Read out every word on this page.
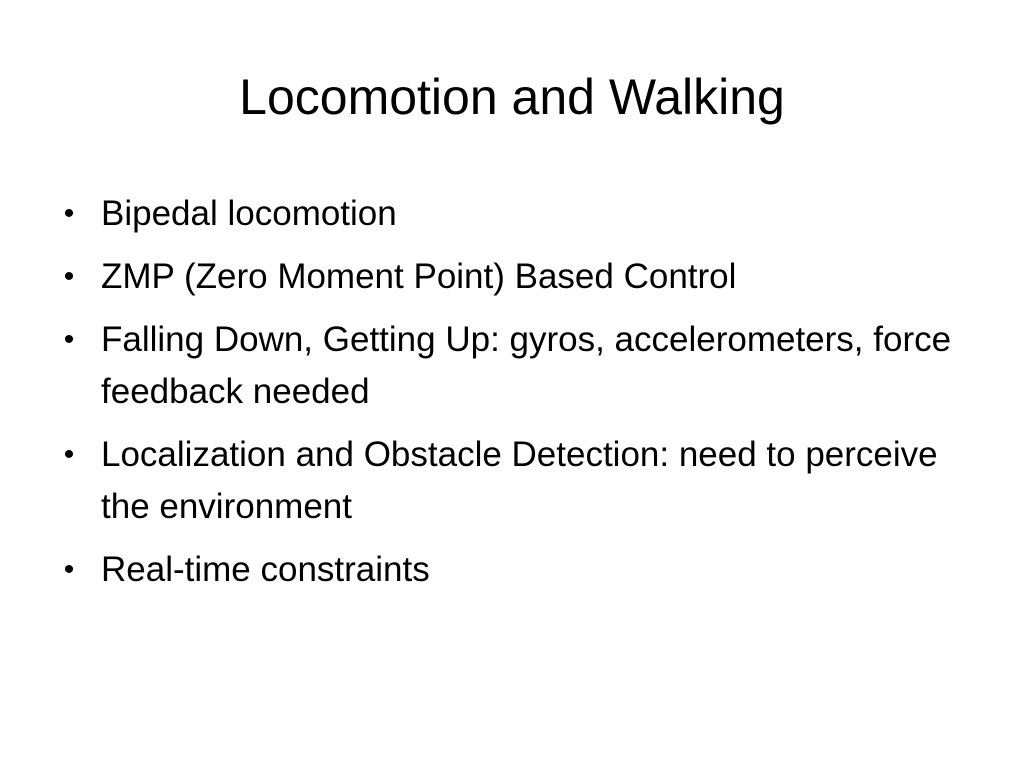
Locomotion and Walking
• Bipedal locomotion
• ZMP (Zero Moment Point) Based Control
• Falling Down, Getting Up: gyros, accelerometers, force feedback needed
• Localization and Obstacle Detection: need to perceive the environment
• Real-time constraints
